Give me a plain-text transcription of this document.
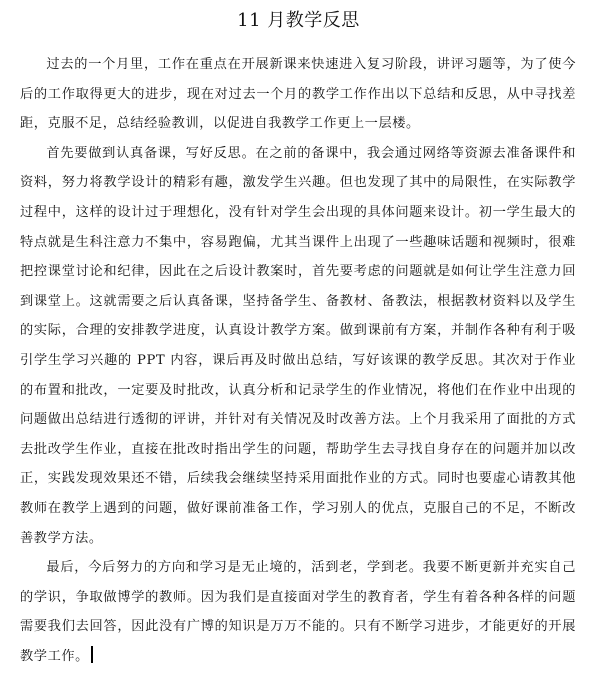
11 月教学反思

过去的一个月里，工作在重点在开展新课来快速进入复习阶段，讲评习题等，为了使今后的工作取得更大的进步，现在对过去一个月的教学工作作出以下总结和反思，从中寻找差距，克服不足，总结经验教训，以促进自我教学工作更上一层楼。

首先要做到认真备课，写好反思。在之前的备课中，我会通过网络等资源去准备课件和资料，努力将教学设计的精彩有趣，激发学生兴趣。但也发现了其中的局限性，在实际教学过程中，这样的设计过于理想化，没有针对学生会出现的具体问题来设计。初一学生最大的特点就是生科注意力不集中，容易跑偏，尤其当课件上出现了一些趣味话题和视频时，很难把控课堂讨论和纪律，因此在之后设计教案时，首先要考虑的问题就是如何让学生注意力回到课堂上。这就需要之后认真备课，坚持备学生、备教材、备教法，根据教材资料以及学生的实际，合理的安排教学进度，认真设计教学方案。做到课前有方案，并制作各种有利于吸引学生学习兴趣的 PPT 内容，课后再及时做出总结，写好该课的教学反思。其次对于作业的布置和批改，一定要及时批改，认真分析和记录学生的作业情况，将他们在作业中出现的问题做出总结进行透彻的评讲，并针对有关情况及时改善方法。上个月我采用了面批的方式去批改学生作业，直接在批改时指出学生的问题，帮助学生去寻找自身存在的问题并加以改正，实践发现效果还不错，后续我会继续坚持采用面批作业的方式。同时也要虚心请教其他教师在教学上遇到的问题，做好课前准备工作，学习别人的优点，克服自己的不足，不断改善教学方法。

最后，今后努力的方向和学习是无止境的，活到老，学到老。我要不断更新并充实自己的学识，争取做博学的教师。因为我们是直接面对学生的教育者，学生有着各种各样的问题需要我们去回答，因此没有广博的知识是万万不能的。只有不断学习进步，才能更好的开展教学工作。
